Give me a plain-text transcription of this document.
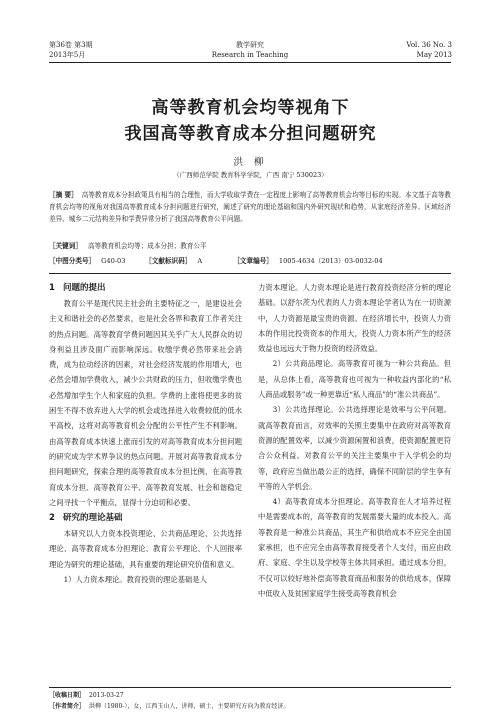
第36卷 第3期
2013年5月
教学研究
Research in Teaching
Vol. 36 No. 3
May 2013
高等教育机会均等视角下
我国高等教育成本分担问题研究
洪 柳
（广西师范学院 教育科学学院，广西 南宁 530023）
［摘 要］ 高等教育成本分担政策具有相当的合理性，而大学收取学费在一定程度上影响了高等教育机会均等目标的实现。本文基于高等教育机会均等的视角对我国高等教育成本分担问题进行研究，阐述了研究的理论基础和国内外研究现状和趋势，从家庭经济差异、区域经济差异、城乡二元结构差异和学费异常分析了我国高等教育公平问题。
［关键词］ 高等教育机会均等；成本分担；教育公平
［中图分类号］ G40-03	［文献标识码］ A	［文章编号］ 1005-4634（2013）03-0032-04

1 问题的提出

教育公平是现代民主社会的主要特征之一，是建设社会主义和谐社会的必然要求，也是社会各界和教育工作者关注的热点问题。高等教育学费问题因其关乎广大人民群众的切身利益且涉及面广而影响深远。收缴学费必然带来社会消费，成为拉动经济的因素，对社会经济发展的作用增大，也必然会增加学费收入，减少公共财政的压力，但收缴学费也必然增加学生个人和家庭的负担。学费的上涨将使更多的贫困生不得不放弃进入大学的机会或选择进入收费较低的低水平高校，这将对高等教育机会分配的公平性产生不利影响。由高等教育成本快速上涨而引发的对高等教育成本分担问题的研究成为学术界争议的热点问题。开展对高等教育成本分担问题研究，探索合理的高等教育成本分担比例，在高等教育成本分担、高等教育公平、高等教育发展、社会和谐稳定之间寻找一个平衡点，显得十分迫切和必要。

2 研究的理论基础

本研究以人力资本投资理论、公共商品理论、公共选择理论、高等教育成本分担理论、教育公平理论、个人回报率理论为研究的理论基础，具有重要的理论研究价值和意义。

1）人力资本理论。教育投资的理论基础是人

力资本理论。人力资本理论是进行教育投资经济分析的理论基础。以舒尔茨为代表的人力资本理论学者认为在一切资源中，人力资源是最宝贵的资源。在经济增长中，投资人力资本的作用比投资资本的作用大，投资人力资本所产生的经济效益也远远大于物力投资的经济效益。

2）公共商品理论。高等教育可视为一种公共商品。但是，从总体上看，高等教育也可视为一种收益内部化的“私人商品或服务”或一种更靠近“私人商品”的“准公共商品”。

3）公共选择理论。公共选择理论是效率与公平问题。就高等教育而言，对效率的关照主要集中在政府对高等教育资源的配置效率，以减少资源闲置和浪费，使资源配置更符合公众利益。对教育公平的关注主要集中于入学机会的均等，政府应当做出最公正的选择，确保不同阶层的学生享有平等的入学机会。

4）高等教育成本分担理论。高等教育在人才培养过程中是需要成本的，高等教育的发展需要大量的成本投入。高等教育是一种准公共商品，其生产和供给成本不应完全由国家承担，也不应完全由高等教育接受者个人支付，而应由政府、家庭、学生以及学校等主体共同承担。通过成本分担，不仅可以较好地补偿高等教育商品和服务的供给成本，保障中低收入及贫困家庭学生接受高等教育机会

［收稿日期］ 2013-03-27
［作者简介］ 洪柳（1980-），女，江西玉山人，讲师，硕士，主要研究方向为教育经济。
